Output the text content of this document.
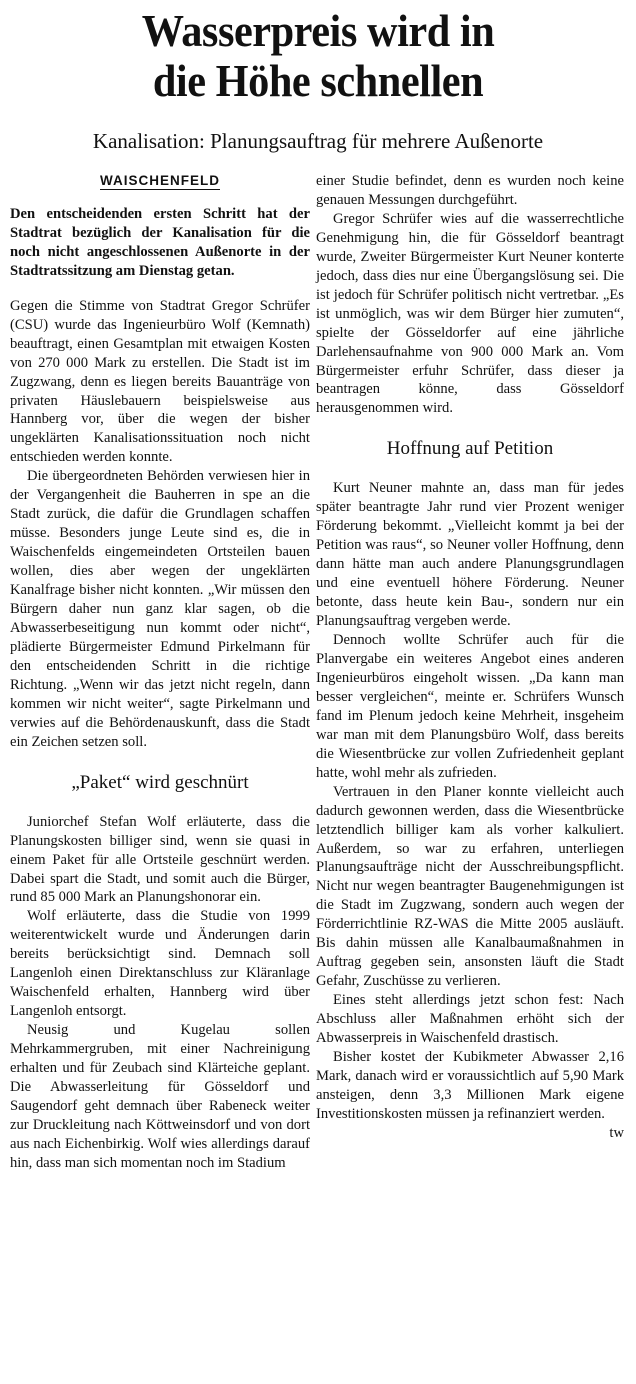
Wasserpreis wird in
die Höhe schnellen
Kanalisation: Planungsauftrag für mehrere Außenorte
WAISCHENFELD

Den entscheidenden ersten Schritt hat der Stadtrat bezüglich der Kanalisation für die noch nicht angeschlossenen Außenorte in der Stadtratssitzung am Dienstag getan.

Gegen die Stimme von Stadtrat Gregor Schrüfer (CSU) wurde das Ingenieurbüro Wolf (Kemnath) beauftragt, einen Gesamtplan mit etwaigen Kosten von 270 000 Mark zu erstellen. Die Stadt ist im Zugzwang, denn es liegen bereits Bauanträge von privaten Häuslebauern beispielsweise aus Hannberg vor, über die wegen der bisher ungeklärten Kanalisationssituation noch nicht entschieden werden konnte.

Die übergeordneten Behörden verwiesen hier in der Vergangenheit die Bauherren in spe an die Stadt zurück, die dafür die Grundlagen schaffen müsse. Besonders junge Leute sind es, die in Waischenfelds eingemeindeten Ortsteilen bauen wollen, dies aber wegen der ungeklärten Kanalfrage bisher nicht konnten. „Wir müssen den Bürgern daher nun ganz klar sagen, ob die Abwasserbeseitigung nun kommt oder nicht“, plädierte Bürgermeister Edmund Pirkelmann für den entscheidenden Schritt in die richtige Richtung. „Wenn wir das jetzt nicht regeln, dann kommen wir nicht weiter“, sagte Pirkelmann und verwies auf die Behördenauskunft, dass die Stadt ein Zeichen setzen soll.

„Paket“ wird geschnürt

Juniorchef Stefan Wolf erläuterte, dass die Planungskosten billiger sind, wenn sie quasi in einem Paket für alle Ortsteile geschnürt werden. Dabei spart die Stadt, und somit auch die Bürger, rund 85 000 Mark an Planungshonorar ein.

Wolf erläuterte, dass die Studie von 1999 weiterentwickelt wurde und Änderungen darin bereits berücksichtigt sind. Demnach soll Langenloh einen Direktanschluss zur Kläranlage Waischenfeld erhalten, Hannberg wird über Langenloh entsorgt.

Neusig und Kugelau sollen Mehrkammergruben, mit einer Nachreinigung erhalten und für Zeubach sind Klärteiche geplant. Die Abwasserleitung für Gösseldorf und Saugendorf geht demnach über Rabeneck weiter zur Druckleitung nach Köttweinsdorf und von dort aus nach Eichenbirkig. Wolf wies allerdings darauf hin, dass man sich momentan noch im Stadium

einer Studie befindet, denn es wurden noch keine genauen Messungen durchgeführt.

Gregor Schrüfer wies auf die wasserrechtliche Genehmigung hin, die für Gösseldorf beantragt wurde, Zweiter Bürgermeister Kurt Neuner konterte jedoch, dass dies nur eine Übergangslösung sei. Die ist jedoch für Schrüfer politisch nicht vertretbar. „Es ist unmöglich, was wir dem Bürger hier zumuten“, spielte der Gösseldorfer auf eine jährliche Darlehensaufnahme von 900 000 Mark an. Vom Bürgermeister erfuhr Schrüfer, dass dieser ja beantragen könne, dass Gösseldorf herausgenommen wird.

Hoffnung auf Petition

Kurt Neuner mahnte an, dass man für jedes später beantragte Jahr rund vier Prozent weniger Förderung bekommt. „Vielleicht kommt ja bei der Petition was raus“, so Neuner voller Hoffnung, denn dann hätte man auch andere Planungsgrundlagen und eine eventuell höhere Förderung. Neuner betonte, dass heute kein Bau-, sondern nur ein Planungsauftrag vergeben werde.

Dennoch wollte Schrüfer auch für die Planvergabe ein weiteres Angebot eines anderen Ingenieurbüros eingeholt wissen. „Da kann man besser vergleichen“, meinte er. Schrüfers Wunsch fand im Plenum jedoch keine Mehrheit, insgeheim war man mit dem Planungsbüro Wolf, dass bereits die Wiesentbrücke zur vollen Zufriedenheit geplant hatte, wohl mehr als zufrieden.

Vertrauen in den Planer konnte vielleicht auch dadurch gewonnen werden, dass die Wiesentbrücke letztendlich billiger kam als vorher kalkuliert. Außerdem, so war zu erfahren, unterliegen Planungsaufträge nicht der Ausschreibungspflicht. Nicht nur wegen beantragter Baugenehmigungen ist die Stadt im Zugzwang, sondern auch wegen der Förderrichtlinie RZ-WAS die Mitte 2005 ausläuft. Bis dahin müssen alle Kanalbaumaßnahmen in Auftrag gegeben sein, ansonsten läuft die Stadt Gefahr, Zuschüsse zu verlieren.

Eines steht allerdings jetzt schon fest: Nach Abschluss aller Maßnahmen erhöht sich der Abwasserpreis in Waischenfeld drastisch.

Bisher kostet der Kubikmeter Abwasser 2,16 Mark, danach wird er voraussichtlich auf 5,90 Mark ansteigen, denn 3,3 Millionen Mark eigene Investitionskosten müssen ja refinanziert werden.

tw
